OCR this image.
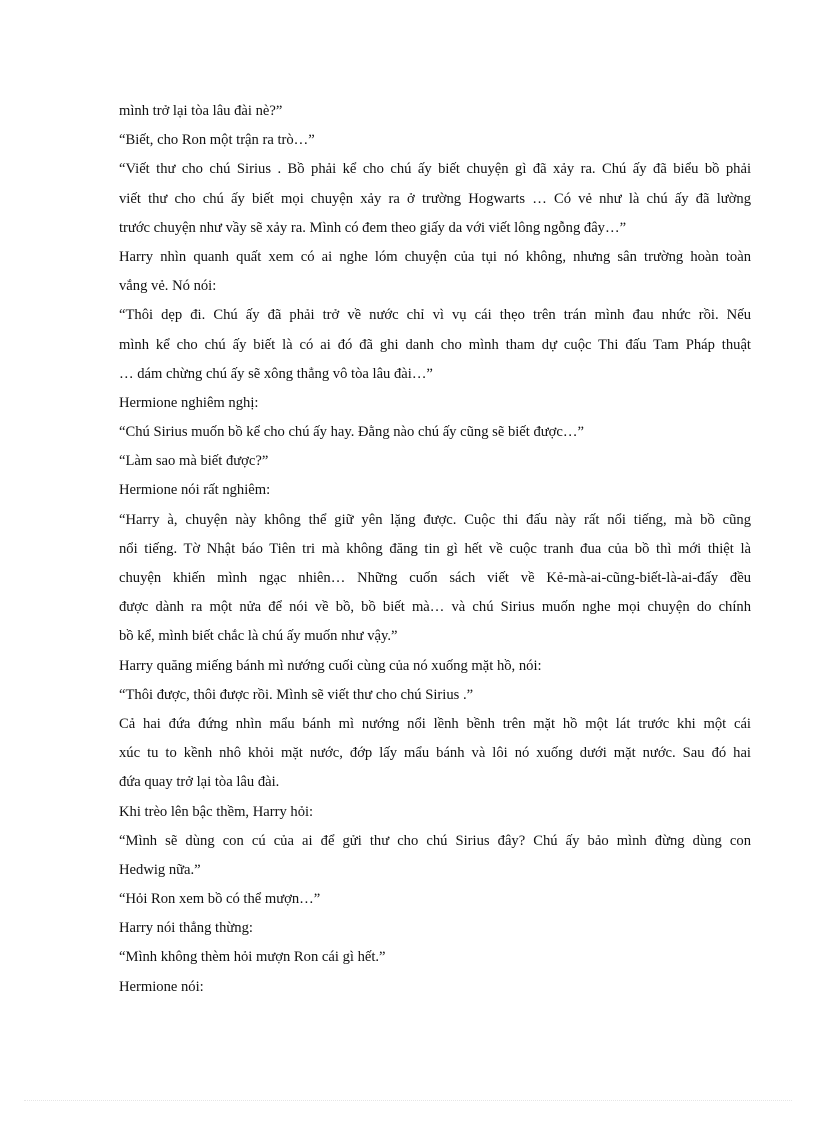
mình trở lại tòa lâu đài nè?”
“Biết, cho Ron một trận ra trò…”
“Viết thư cho chú Sirius . Bồ phải kể cho chú ấy biết chuyện gì đã xảy ra. Chú ấy đã biểu bồ phải
viết thư cho chú ấy biết mọi chuyện xảy ra ở trường Hogwarts … Có vẻ như là chú ấy đã lường
trước chuyện như vầy sẽ xảy ra. Mình có đem theo giấy da với viết lông ngỗng đây…”
Harry nhìn quanh quất xem có ai nghe lóm chuyện của tụi nó không, nhưng sân trường hoàn toàn
vắng vẻ. Nó nói:
“Thôi dẹp đi. Chú ấy đã phải trở về nước chỉ vì vụ cái thẹo trên trán mình đau nhức rồi. Nếu
mình kể cho chú ấy biết là có ai đó đã ghi danh cho mình tham dự cuộc Thi đấu Tam Pháp thuật
… dám chừng chú ấy sẽ xông thẳng vô tòa lâu đài…”
Hermione nghiêm nghị:
“Chú Sirius muốn bồ kể cho chú ấy hay. Đằng nào chú ấy cũng sẽ biết được…”
“Làm sao mà biết được?”
Hermione nói rất nghiêm:
“Harry à, chuyện này không thể giữ yên lặng được. Cuộc thi đấu này rất nổi tiếng, mà bồ cũng
nổi tiếng. Tờ Nhật báo Tiên tri mà không đăng tin gì hết về cuộc tranh đua của bồ thì mới thiệt là
chuyện khiến mình ngạc nhiên… Những cuốn sách viết về Kẻ-mà-ai-cũng-biết-là-ai-đấy đều
được dành ra một nửa để nói về bồ, bồ biết mà… và chú Sirius muốn nghe mọi chuyện do chính
bồ kể, mình biết chắc là chú ấy muốn như vậy.”
Harry quăng miếng bánh mì nướng cuối cùng của nó xuống mặt hồ, nói:
“Thôi được, thôi được rồi. Mình sẽ viết thư cho chú Sirius .”
Cả hai đứa đứng nhìn mẩu bánh mì nướng nổi lềnh bềnh trên mặt hồ một lát trước khi một cái
xúc tu to kềnh nhô khỏi mặt nước, đớp lấy mẩu bánh và lôi nó xuống dưới mặt nước. Sau đó hai
đứa quay trở lại tòa lâu đài.
Khi trèo lên bậc thềm, Harry hỏi:
“Mình sẽ dùng con cú của ai để gửi thư cho chú Sirius đây? Chú ấy bảo mình đừng dùng con
Hedwig nữa.”
“Hỏi Ron xem bồ có thể mượn…”
Harry nói thẳng thừng:
“Mình không thèm hỏi mượn Ron cái gì hết.”
Hermione nói:
